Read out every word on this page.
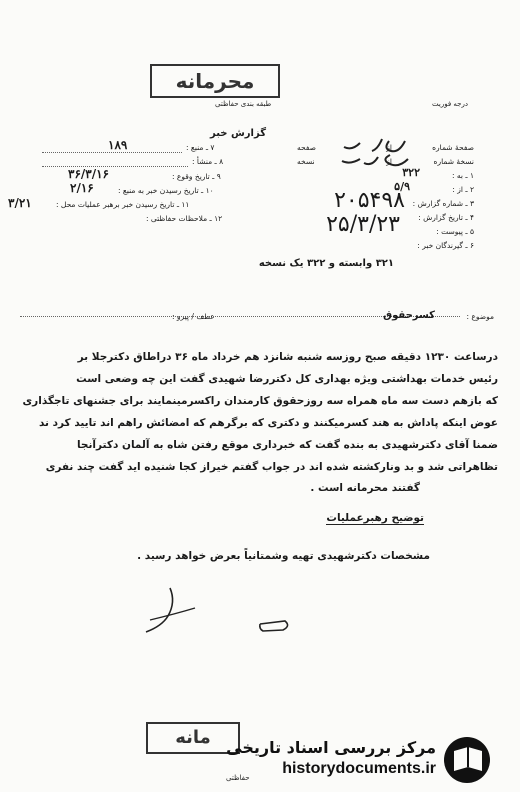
محرمانه
طبقه بندی حفاظتی	درجه فوریت
گزارش خبر
صفحهٔ شماره
از
صفحه
نسخهٔ شماره
از
نسخه
۱ ـ به :
۳۲۲
۲ ـ از :
۵/۹
۳ ـ شماره گزارش :
۲۰۵۴۹۸
۴ ـ تاریخ گزارش :
۲۵/۳/۲۳	۵ ـ پیوست :
۶ ـ گیرندگان خبر :
۳۲۱ وابسته و ۳۲۲ یک نسخه
۷ ـ منبع :
۱۸۹
۸ ـ منشأ :
۹ ـ تاریخ وقوع :
۳۶/۳/۱۶
۱۰ ـ تاریخ رسیدن خبر به منبع :
۲/۱۶
۱۱ ـ تاریخ رسیدن خبر برهبر عملیات محل :
۳/۲۱
۱۲ ـ ملاحظات حفاظتی :
موضوع :
کسرحقوق
عطف / پیرو :
درساعت ۱۲۳۰ دقیقه صبح روزسه شنبه شانزد هم خرداد ماه ۳۶ دراطاق دکترجلا بر
رئیس خدمات بهداشتی ویژه بهداری کل دکتررضا شهیدی گفت این چه وضعی است
که بازهم دست سه ماه همراه سه روزحقوق کارمندان راکسرمینمایند برای جشنهای تاجگذاری
عوض اینکه پاداش به هند کسرمیکنند و دکتری که برگرهم که امضائش راهم اند تایید کرد ند
ضمنا آقای دکترشهیدی به بنده گفت که خبرداری موقع رفتن شاه به آلمان دکترآنجا
تظاهراتی شد و بد ونارکشته شده اند در جواب گفتم خیراز کجا شنیده اید گفت چند نفری
گفتند محرمانه است .
توضیح رهبرعملیات
مشخصات دکترشهیدی تهیه وشمتانیاً بعرض خواهد رسید .
مانه
حفاظتی
مرکز بررسی اسناد تاریخی
historydocuments.ir
